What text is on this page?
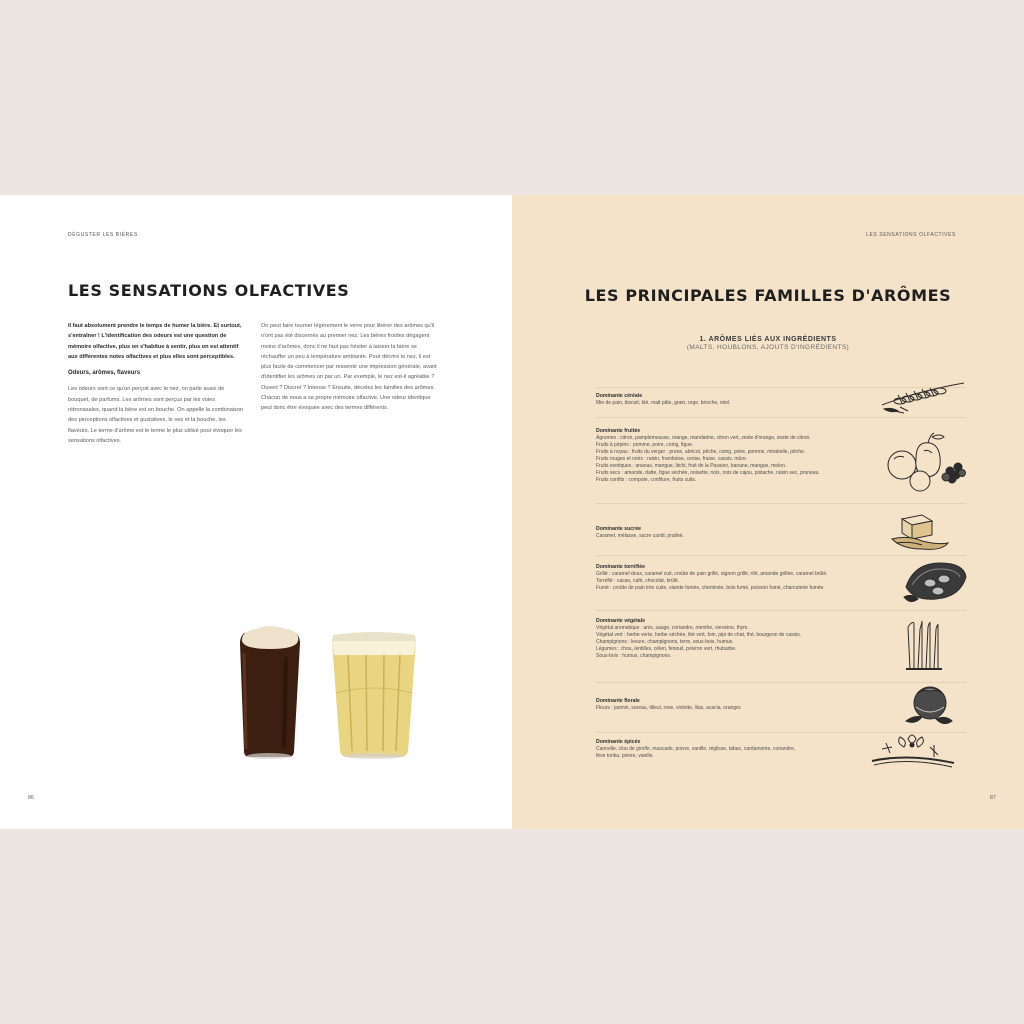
DÉGUSTER LES BIÈRES
LES SENSATIONS OLFACTIVES

Il faut absolument prendre le temps de humer la bière. Et surtout, s'entraîner ! L'identification des odeurs est une question de mémoire olfactive, plus on s'habitue à sentir, plus on est attentif aux différentes notes olfactives et plus elles sont perceptibles.

Odeurs, arômes, flaveurs

Les odeurs sont ce qu'on perçoit avec le nez, on parle aussi de bouquet, de parfums. Les arômes sont perçus par les voies rétronasales, quand la bière est en bouche. On appelle la combinaison des perceptions olfactives et gustatives, le nez et la bouche, les flaveurs. Le terme d'arôme est le terme le plus utilisé pour évoquer les sensations olfactives.

On peut faire tourner légèrement le verre pour libérer des arômes qu'il n'ont pas été discernés au premier nez. Les bières froides dégagent moins d'arômes, donc il ne faut pas hésiter à laisser la bière se réchauffer un peu à température ambiante. Pour décrire le nez, il est plus facile de commencer par ressentir une impression générale, avant d'identifier les arômes un par un. Par exemple, le nez est-il agréable ? Ouvert ? Discret ? Intense ? Ensuite, décelez les familles des arômes. Chacun de nous a sa propre mémoire olfactive. Une odeur identique peut donc être évoquée avec des termes différents.

86
LES SENSATIONS OLFACTIVES
LES PRINCIPALES FAMILLES D'ARÔMES
1. ARÔMES LIÉS AUX INGRÉDIENTS
(MALTS, HOUBLONS, AJOUTS D'INGRÉDIENTS)
Dominante céréale
Mie de pain, biscuit, blé, malt pâle, grain, orge, brioche, miel.
Dominante fruitée
Agrumes : citron, pamplemousse, orange, mandarine, citron vert, zeste d'orange, zeste de citron.
Fruits à pépins : pomme, poire, coing, figue.
Fruits à noyau : fruits du verger : prune, abricot, pêche, coing, poire, pomme, mirabelle, pêche.
Fruits rouges et noirs : raisin, framboise, cerise, fraise, cassis, mûre.
Fruits exotiques : ananas, mangue, litchi, fruit de la Passion, banane, mangue, melon.
Fruits secs : amande, datte, figue séchée, noisette, noix, noix de cajou, pistache, raisin sec, pruneau.
Fruits confits : compote, confiture, fruits cuits.
Dominante sucrée
Caramel, mélasse, sucre candi, praliné.
Dominante torréfiée
Grillé : caramel doux, caramel cuit, croûte de pain grillé, oignon grillé, rôti, amande grillée, caramel brûlé.
Torréfié : cacao, café, chocolat, brûlé.
Fumé : croûte de pain très cuite, viande fumée, cheminée, bois fumé, poisson fumé, charcuterie fumée.
Dominante végétale
Végétal aromatique : anis, sauge, coriandre, menthe, verveine, thym.
Végétal vert : herbe verte, herbe séchée, thé vert, foin, pipi de chat, thé, bourgeon de cassis.
Champignons : levure, champignons, terre, sous-bois, humus.
Légumes : chou, lentilles, céleri, fenouil, poivron vert, rhubarbe.
Sous-bois : humus, champignons.
Dominante florale
Fleurs : jasmin, sureau, tilleul, rose, violette, lilas, acacia, oranger.
Dominante épicée
Cannelle, clou de girofle, muscade, poivre, vanille, réglisse, tabac, cardamome, coriandre,
fève tonka, poivre, vanille.
87
